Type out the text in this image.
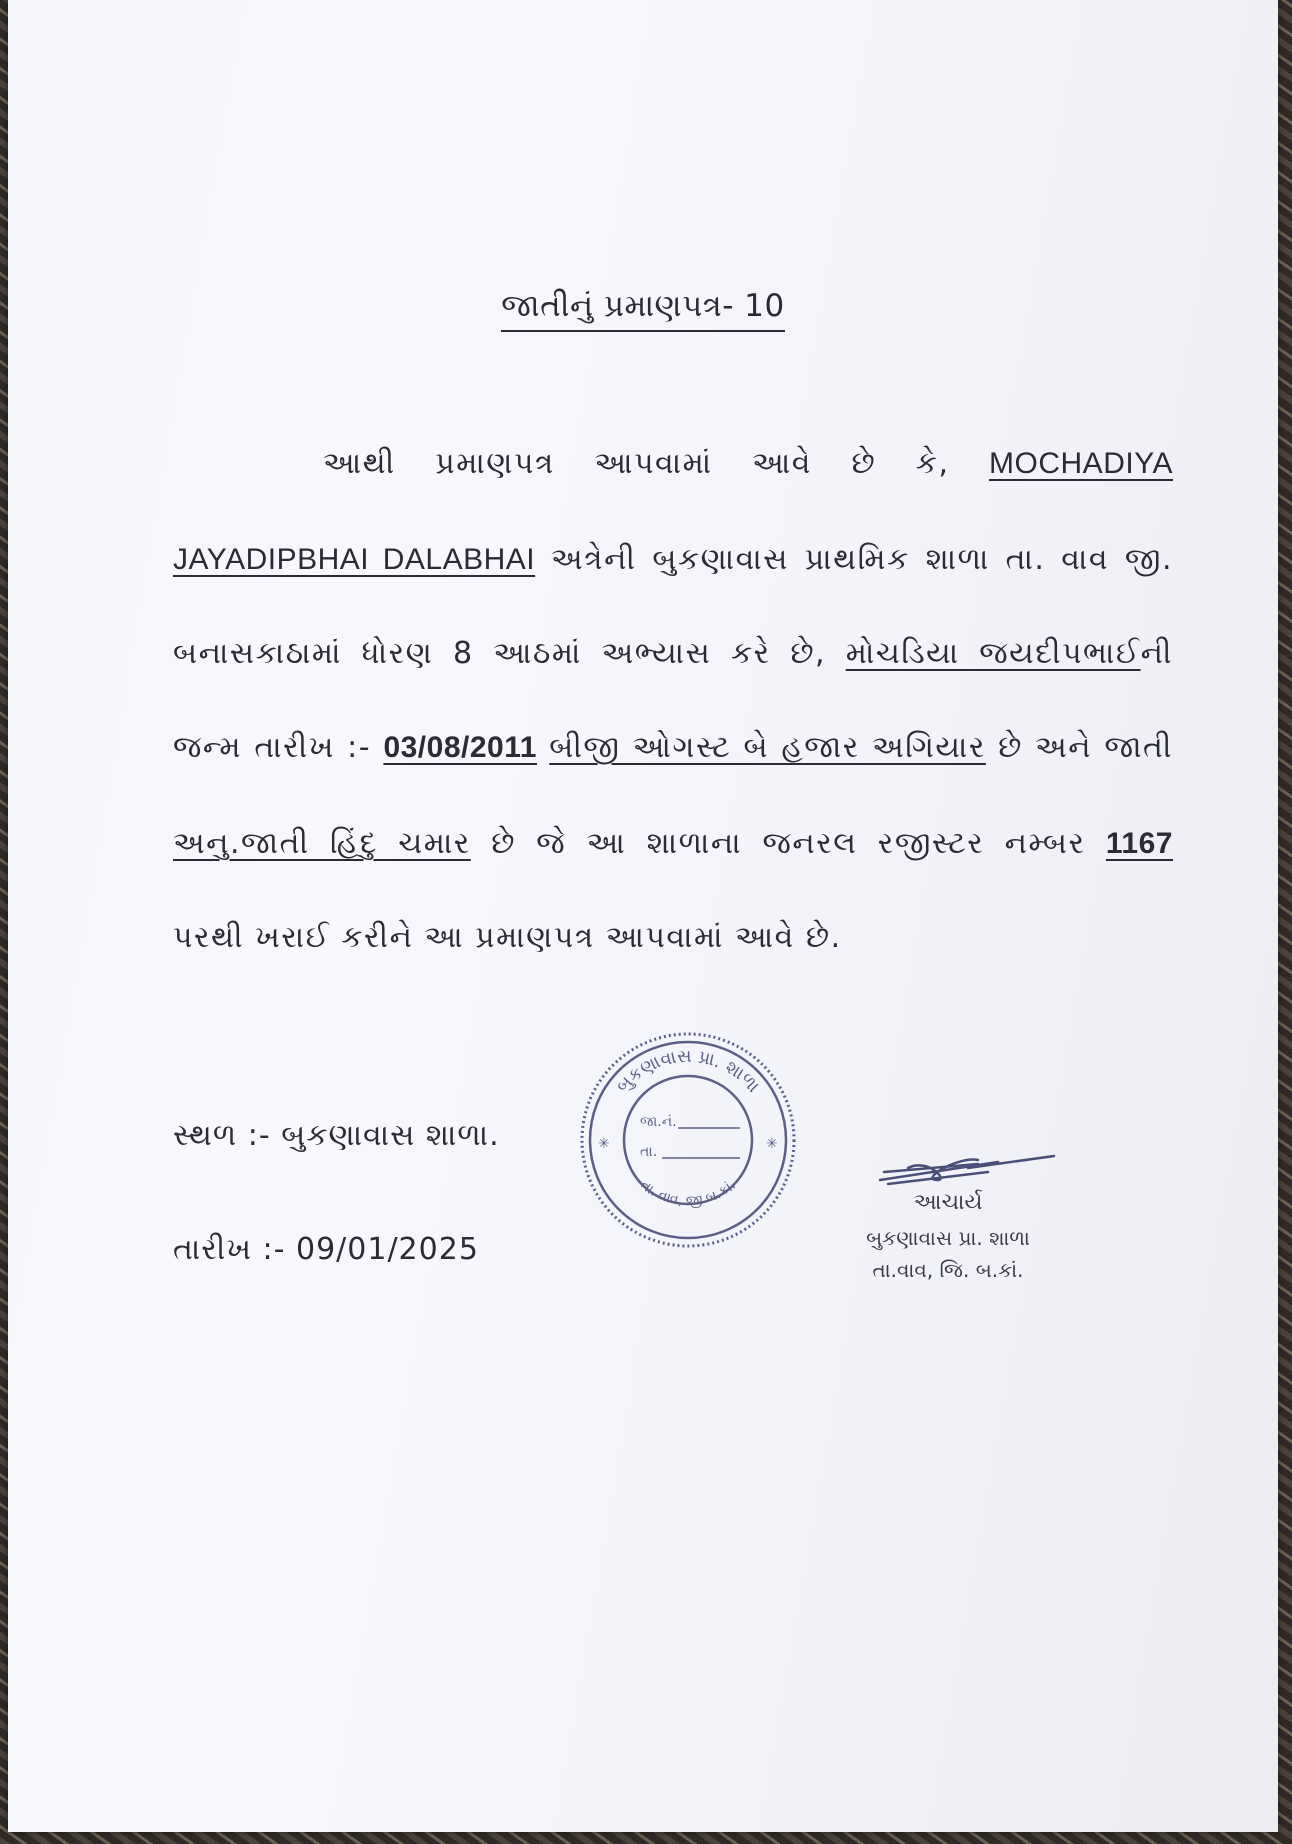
જાતીનું પ્રમાણપત્ર- 10
આથી પ્રમાણપત્ર આપવામાં આવે છે કે, MOCHADIYA
JAYADIPBHAI DALABHAI અત્રેની બુકણાવાસ પ્રાથમિક શાળા તા. વાવ જી.
બનાસકાઠામાં ધોરણ 8 આઠમાં અભ્યાસ કરે છે, મોચડિયા જયદીપભાઈની
જન્મ તારીખ :- 03/08/2011 બીજી ઓગસ્ટ બે હજાર અગિયાર છે અને જાતી
અનુ.જાતી હિંદુ ચમાર છે જે આ શાળાના જનરલ રજીસ્ટર નમ્બર 1167
પરથી ખરાઈ કરીને આ પ્રમાણપત્ર આપવામાં આવે છે.
સ્થળ :- બુકણાવાસ શાળા.
તારીખ :- 09/01/2025
બુકણાવાસ પ્રા. શાળા
તા. વાવ, જી.બ.કાં.
✳	✳
જા.નં.
તા.
આચાર્ય
બુકણાવાસ પ્રા. શાળા
તા.વાવ, જિ. બ.કાં.
